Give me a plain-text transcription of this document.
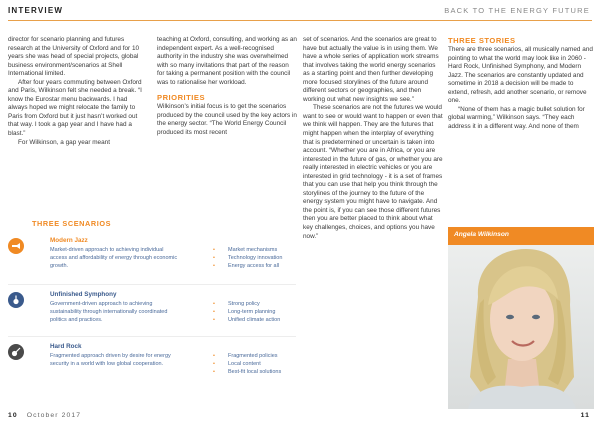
INTERVIEW	BACK TO THE ENERGY FUTURE

director for scenario planning and futures research at the University of Oxford and for 10 years she was head of special projects, global business environment/scenarios at Shell International limited.

After four years commuting between Oxford and Paris, Wilkinson felt she needed a break. “I know the Eurostar menu backwards. I had always hoped we might relocate the family to Paris from Oxford but it just hasn’t worked out that way. I took a gap year and I have had a blast.”

For Wilkinson, a gap year meant

teaching at Oxford, consulting, and working as an independent expert. As a well-recognised authority in the industry she was overwhelmed with so many invitations that part of the reason for taking a permanent position with the council was to rationalise her workload.

PRIORITIES

Wilkinson’s initial focus is to get the scenarios produced by the council used by the key actors in the energy sector. “The World Energy Council produced its most recent

set of scenarios. And the scenarios are great to have but actually the value is in using them. We have a whole series of application work streams that involves taking the world energy scenarios as a starting point and then further developing more focused storylines of the future around different sectors or geographies, and then working out what new insights we see.”

These scenarios are not the futures we would want to see or would want to happen or even that we think will happen. They are the futures that might happen when the interplay of everything that is predetermined or uncertain is taken into account. “Whether you are in Africa, or you are interested in the future of gas, or whether you are really interested in electric vehicles or you are interested in grid technology - it is a set of frames that you can use that help you think through the storylines of the journey to the future of the energy system you might have to navigate. And the point is, if you can see those different futures then you are better placed to think about what key challenges, choices, and options you have now.”

THREE STORIES

There are three scenarios, all musically named and pointing to what the world may look like in 2060 - Hard Rock, Unfinished Symphony, and Modern Jazz. The scenarios are constantly updated and sometime in 2018 a decision will be made to extend, refresh, add another scenario, or remove one.

“None of them has a magic bullet solution for global warming,” Wilkinson says. “They each address it in a different way. And none of them

THREE SCENARIOS
Modern Jazz
Market-driven approach to achieving individual access and affordability of energy through economic growth.
• Market mechanisms
• Technology innovation
• Energy access for all
Unfinished Symphony
Government-driven approach to achieving sustainability through internationally coordinated politics and practices.
• Strong policy
• Long-term planning
• Unified climate action
Hard Rock
Fragmented approach driven by desire for energy security in a world with low global cooperation.
• Fragmented policies
• Local content
• Best-fit local solutions
Angela Wilkinson
10 October 2017	11
